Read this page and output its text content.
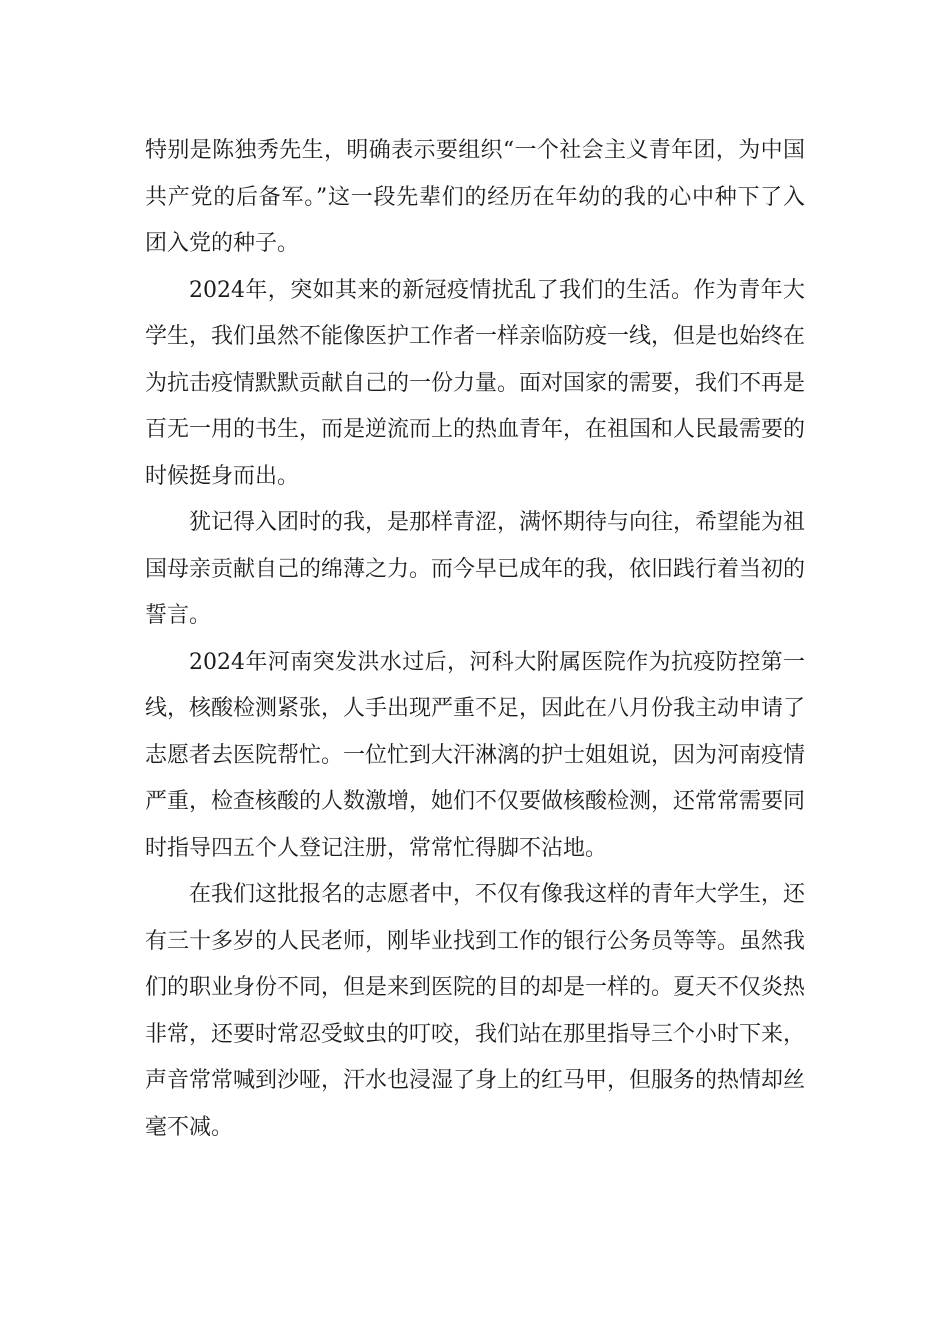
特别是陈独秀先生，明确表示要组织“一个社会主义青年团，为中国共产党的后备军。”这一段先辈们的经历在年幼的我的心中种下了入团入党的种子。

2024年，突如其来的新冠疫情扰乱了我们的生活。作为青年大学生，我们虽然不能像医护工作者一样亲临防疫一线，但是也始终在为抗击疫情默默贡献自己的一份力量。面对国家的需要，我们不再是百无一用的书生，而是逆流而上的热血青年，在祖国和人民最需要的时候挺身而出。

犹记得入团时的我，是那样青涩，满怀期待与向往，希望能为祖国母亲贡献自己的绵薄之力。而今早已成年的我，依旧践行着当初的誓言。

2024年河南突发洪水过后，河科大附属医院作为抗疫防控第一线，核酸检测紧张，人手出现严重不足，因此在八月份我主动申请了志愿者去医院帮忙。一位忙到大汗淋漓的护士姐姐说，因为河南疫情严重，检查核酸的人数激增，她们不仅要做核酸检测，还常常需要同时指导四五个人登记注册，常常忙得脚不沾地。

在我们这批报名的志愿者中，不仅有像我这样的青年大学生，还有三十多岁的人民老师，刚毕业找到工作的银行公务员等等。虽然我们的职业身份不同，但是来到医院的目的却是一样的。夏天不仅炎热非常，还要时常忍受蚊虫的叮咬，我们站在那里指导三个小时下来，声音常常喊到沙哑，汗水也浸湿了身上的红马甲，但服务的热情却丝毫不减。
